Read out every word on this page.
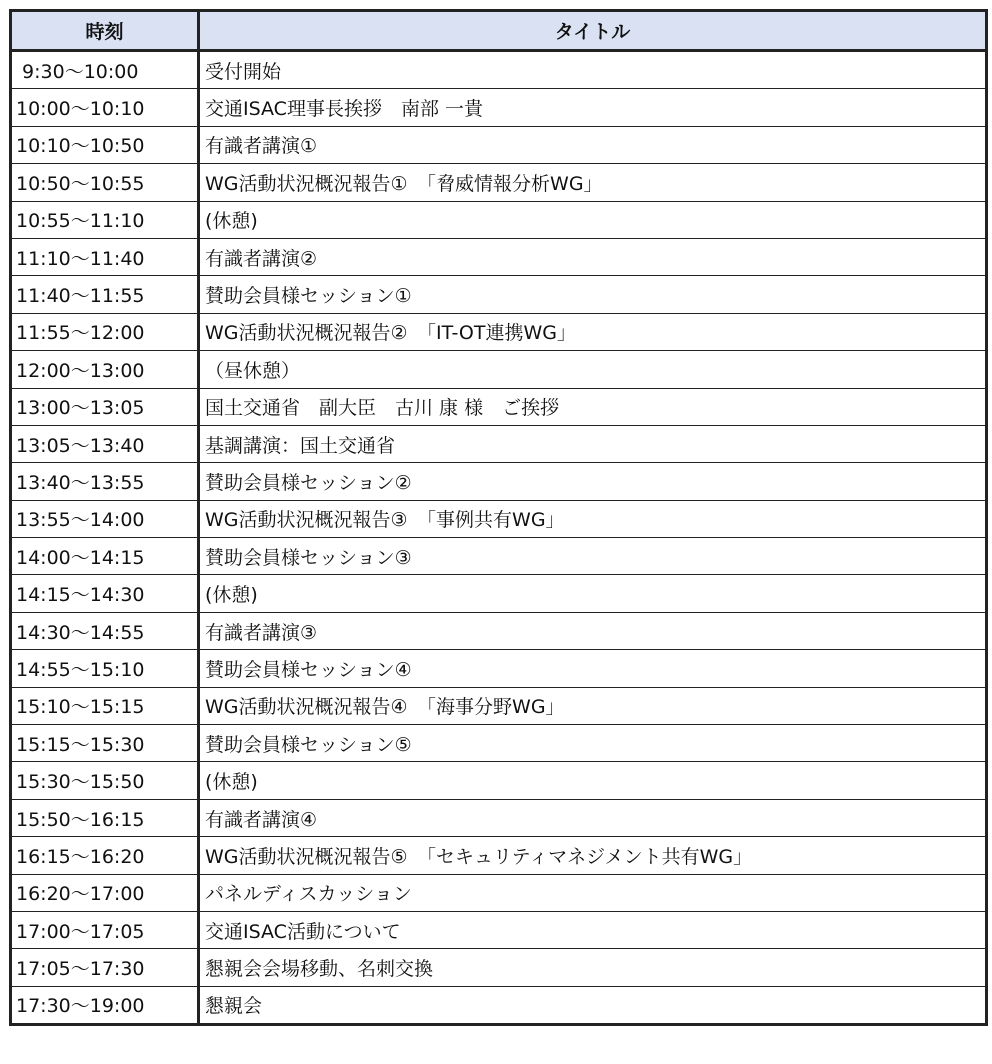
時刻	タイトル
9:30～10:00	受付開始
10:00～10:10	交通ISAC理事長挨拶　南部 一貴
10:10～10:50	有識者講演①
10:50～10:55	WG活動状況概況報告①　「脅威情報分析WG」
10:55～11:10	(休憩)
11:10～11:40	有識者講演②
11:40～11:55	賛助会員様セッション①
11:55～12:00	WG活動状況概況報告②　「IT-OT連携WG」
12:00～13:00	（昼休憩）
13:00～13:05	国土交通省　副大臣　古川 康 様　ご挨拶
13:05～13:40	基調講演：国土交通省
13:40～13:55	賛助会員様セッション②
13:55～14:00	WG活動状況概況報告③　「事例共有WG」
14:00～14:15	賛助会員様セッション③
14:15～14:30	(休憩)
14:30～14:55	有識者講演③
14:55～15:10	賛助会員様セッション④
15:10～15:15	WG活動状況概況報告④　「海事分野WG」
15:15～15:30	賛助会員様セッション⑤
15:30～15:50	(休憩)
15:50～16:15	有識者講演④
16:15～16:20	WG活動状況概況報告⑤　「セキュリティマネジメント共有WG」
16:20～17:00	パネルディスカッション
17:00～17:05	交通ISAC活動について
17:05～17:30	懇親会会場移動、名刺交換
17:30～19:00	懇親会
